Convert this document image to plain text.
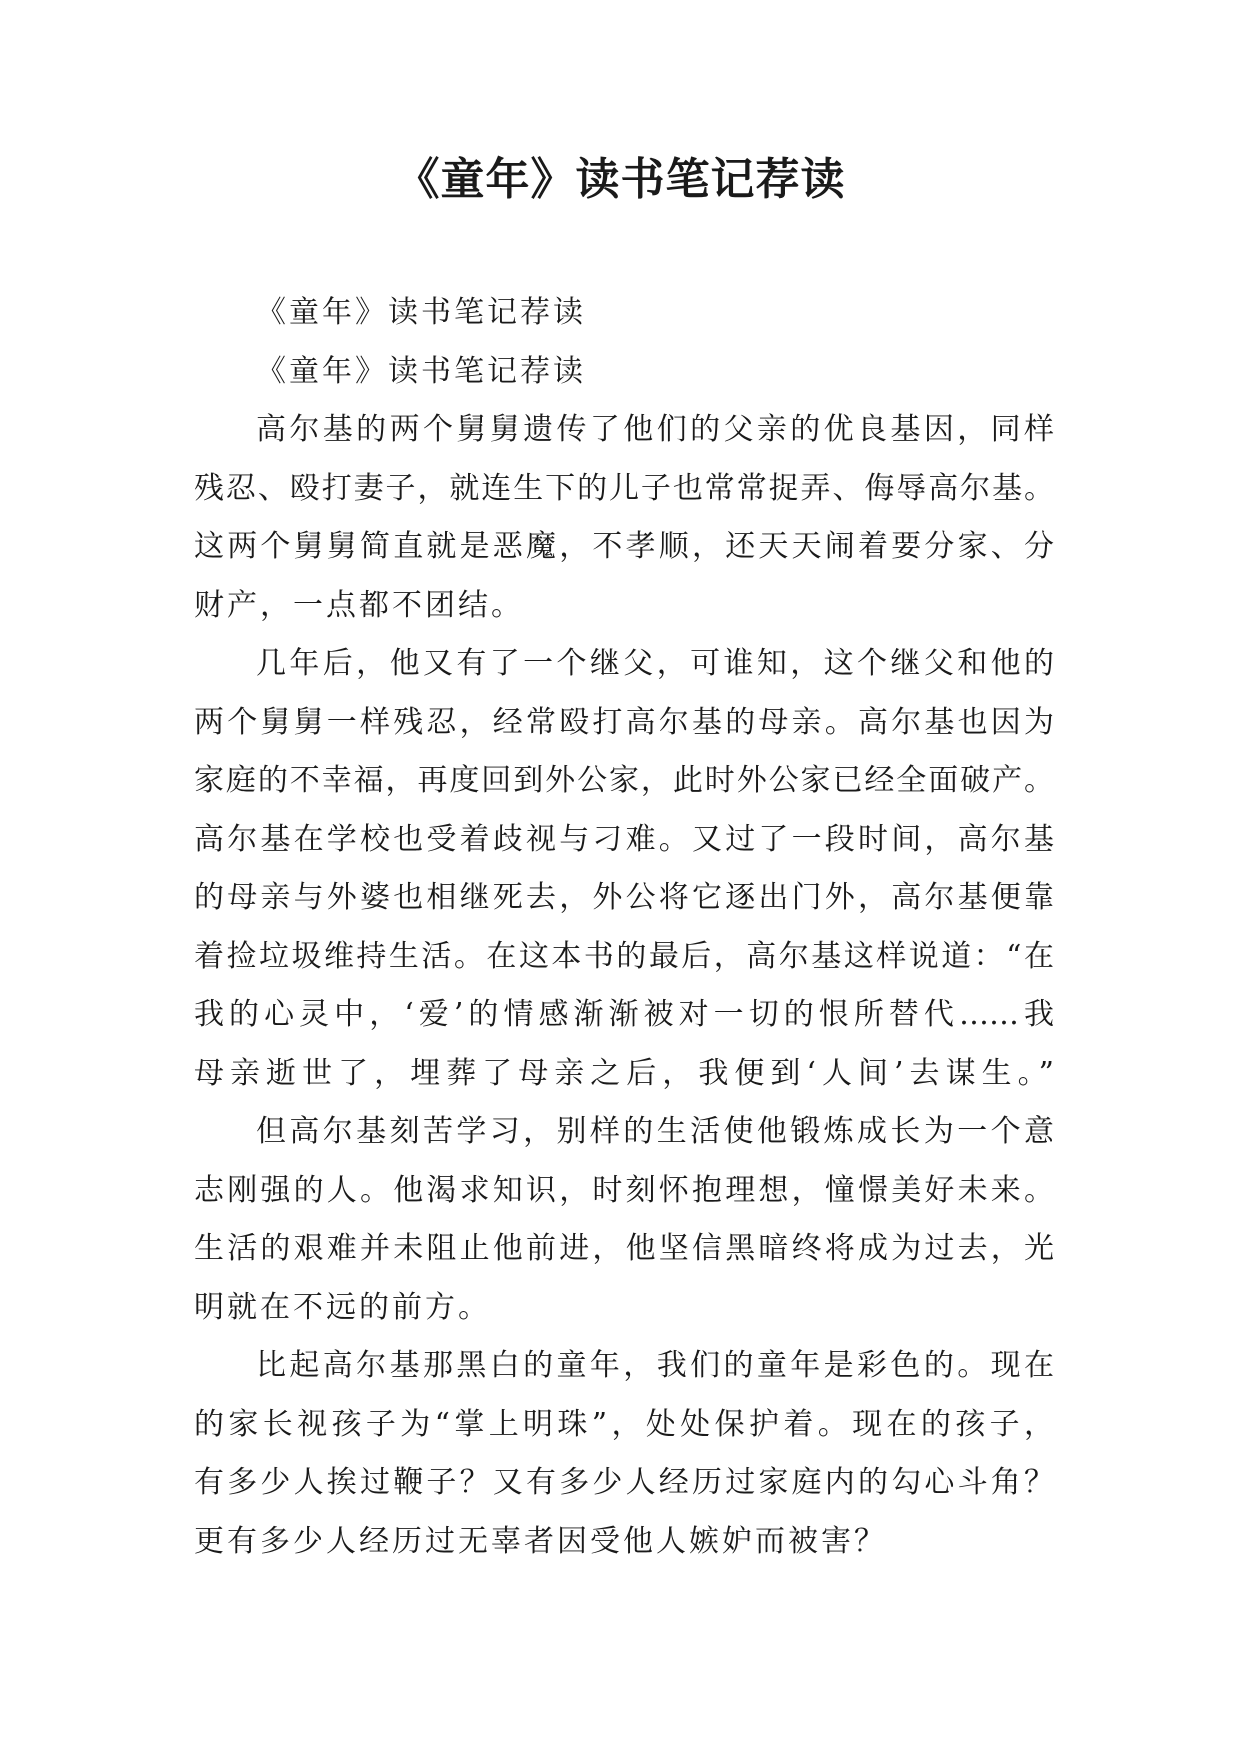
《童年》读书笔记荐读
《童年》读书笔记荐读
《童年》读书笔记荐读
高尔基的两个舅舅遗传了他们的父亲的优良基因，同样
残忍、殴打妻子，就连生下的儿子也常常捉弄、侮辱高尔基。
这两个舅舅简直就是恶魔，不孝顺，还天天闹着要分家、分
财产，一点都不团结。
几年后，他又有了一个继父，可谁知，这个继父和他的
两个舅舅一样残忍，经常殴打高尔基的母亲。高尔基也因为
家庭的不幸福，再度回到外公家，此时外公家已经全面破产。
高尔基在学校也受着歧视与刁难。又过了一段时间，高尔基
的母亲与外婆也相继死去，外公将它逐出门外，高尔基便靠
着捡垃圾维持生活。在这本书的最后，高尔基这样说道：“在
我的心灵中，‘爱’的情感渐渐被对一切的恨所替代……我
母亲逝世了，埋葬了母亲之后，我便到‘人间’去谋生。”
但高尔基刻苦学习，别样的生活使他锻炼成长为一个意
志刚强的人。他渴求知识，时刻怀抱理想，憧憬美好未来。
生活的艰难并未阻止他前进，他坚信黑暗终将成为过去，光
明就在不远的前方。
比起高尔基那黑白的童年，我们的童年是彩色的。现在
的家长视孩子为“掌上明珠”，处处保护着。现在的孩子，
有多少人挨过鞭子？又有多少人经历过家庭内的勾心斗角？
更有多少人经历过无辜者因受他人嫉妒而被害？
